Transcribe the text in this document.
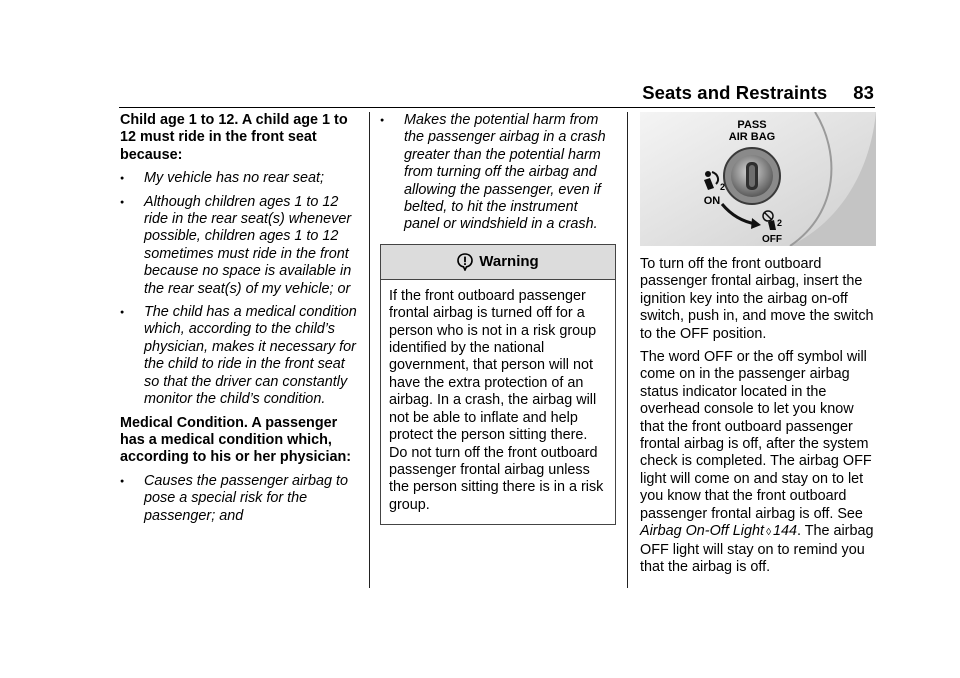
Seats and Restraints 83

Child age 1 to 12. A child age 1 to 12 must ride in the front seat because:

● My vehicle has no rear seat;
● Although children ages 1 to 12 ride in the rear seat(s) whenever possible, children ages 1 to 12 sometimes must ride in the front because no space is available in the rear seat(s) of my vehicle; or
● The child has a medical condition which, according to the child’s physician, makes it necessary for the child to ride in the front seat so that the driver can constantly monitor the child’s condition.

Medical Condition. A passenger has a medical condition which, according to his or her physician:

● Causes the passenger airbag to pose a special risk for the passenger; and
● Makes the potential harm from the passenger airbag in a crash greater than the potential harm from turning off the airbag and allowing the passenger, even if belted, to hit the instrument panel or windshield in a crash.
Warning
If the front outboard passenger frontal airbag is turned off for a person who is not in a risk group identified by the national government, that person will not have the extra protection of an airbag. In a crash, the airbag will not be able to inflate and help protect the person sitting there. Do not turn off the front outboard passenger frontal airbag unless the person sitting there is in a risk group.
PASS
AIR BAG
2
ON
2
OFF

To turn off the front outboard passenger frontal airbag, insert the ignition key into the airbag on-off switch, push in, and move the switch to the OFF position.

The word OFF or the off symbol will come on in the passenger airbag status indicator located in the overhead console to let you know that the front outboard passenger frontal airbag is off, after the system check is completed. The airbag OFF light will come on and stay on to let you know that the front outboard passenger frontal airbag is off. See Airbag On-Off Light ◊ 144. The airbag OFF light will stay on to remind you that the airbag is off.
